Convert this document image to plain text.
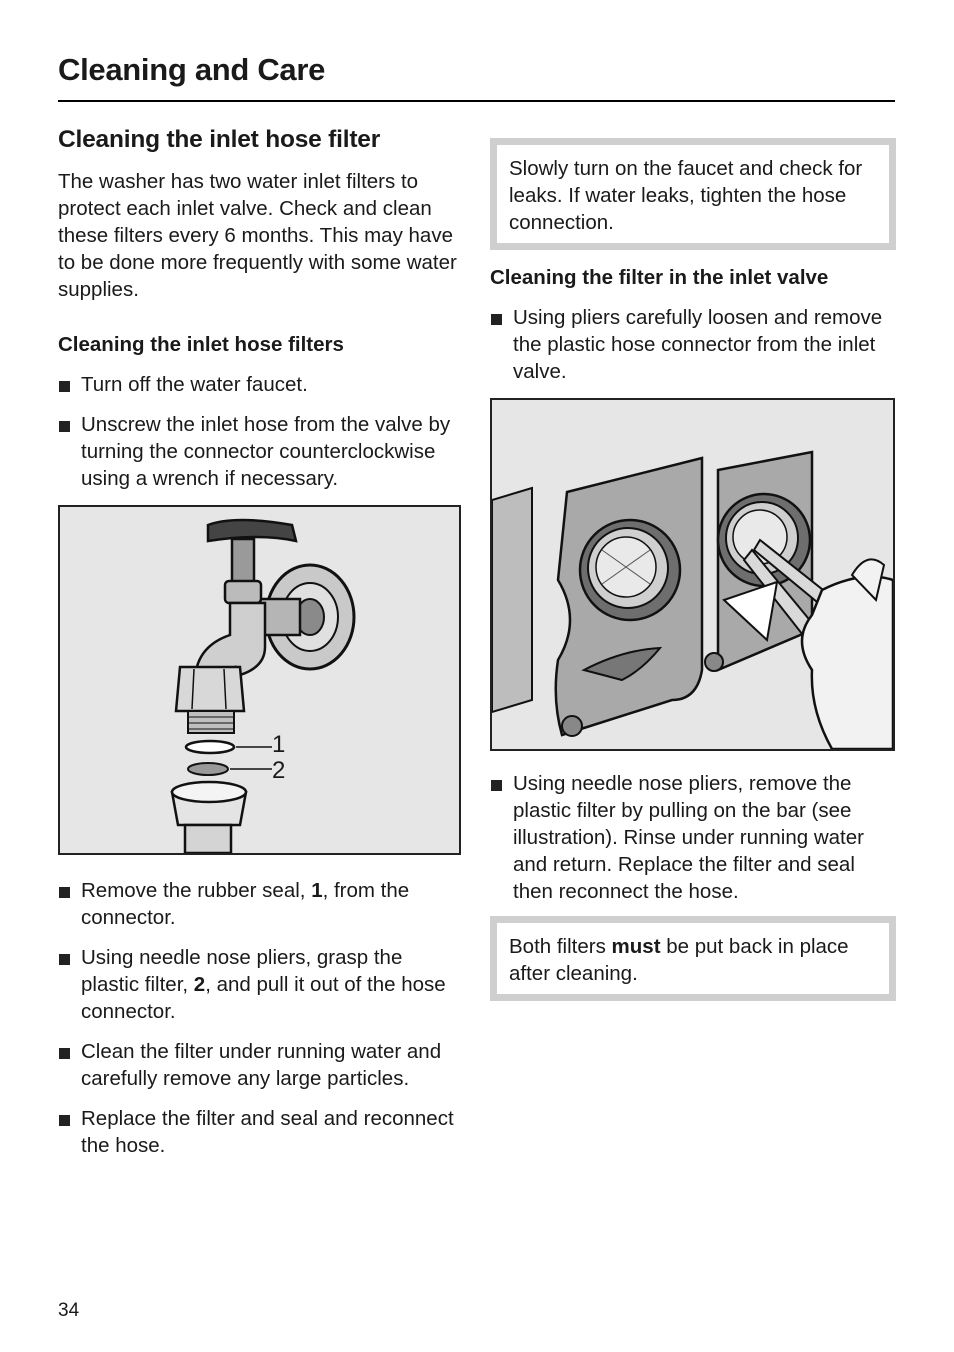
Cleaning and Care
Cleaning the inlet hose filter

The washer has two water inlet filters to protect each inlet valve. Check and clean these filters every 6 months. This may have to be done more frequently with some water supplies.

Cleaning the inlet hose filters
Turn off the water faucet.
Unscrew the inlet hose from the valve by turning the connector counterclockwise using a wrench if necessary.
1
2
Remove the rubber seal, 1, from the connector.
Using needle nose pliers, grasp the plastic filter, 2, and pull it out of the hose connector.
Clean the filter under running water and carefully remove any large particles.
Replace the filter and seal and reconnect the hose.
Slowly turn on the faucet and check for leaks. If water leaks, tighten the hose connection.
Cleaning the filter in the inlet valve
Using pliers carefully loosen and remove the plastic hose connector from the inlet valve.
Using needle nose pliers, remove the plastic filter by pulling on the bar (see illustration). Rinse under running water and return. Replace the filter and seal then reconnect the hose.
Both filters must be put back in place after cleaning.
34
